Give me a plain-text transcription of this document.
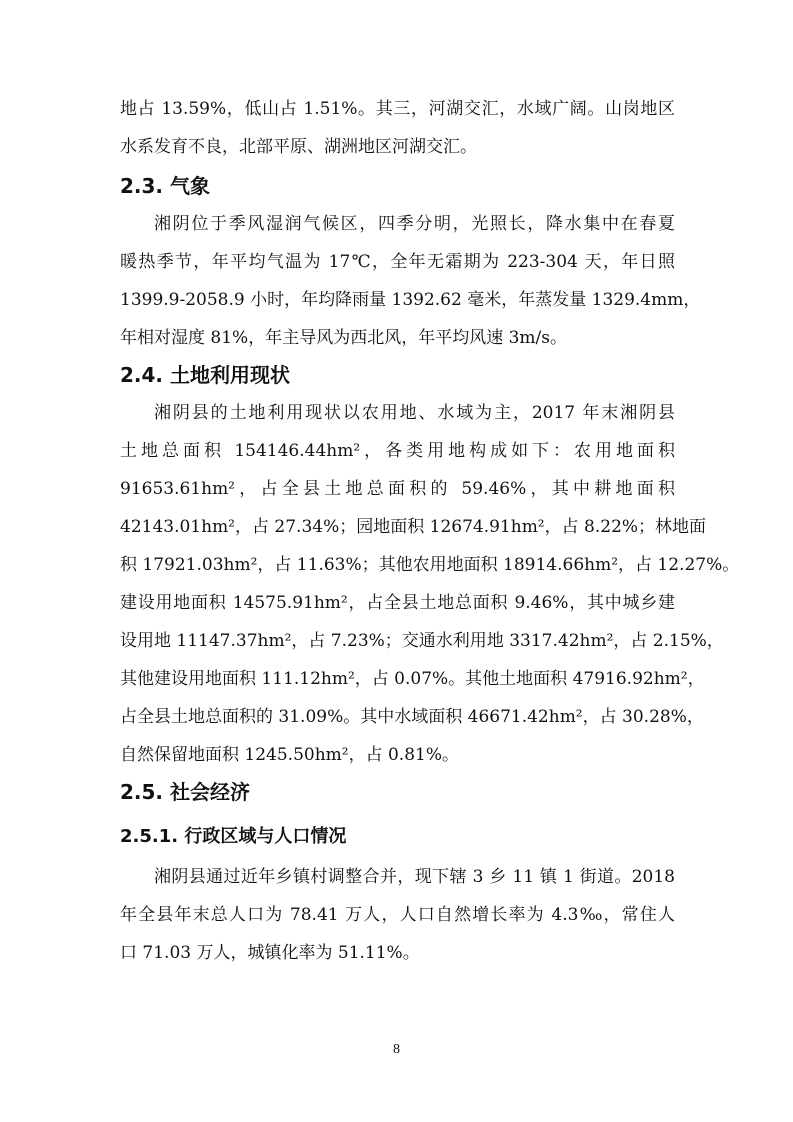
地占 13.59%，低山占 1.51%。其三，河湖交汇，水域广阔。山岗地区
水系发育不良，北部平原、湖洲地区河湖交汇。
2.3. 气象
湘阴位于季风湿润气候区，四季分明，光照长，降水集中在春夏
暖热季节，年平均气温为 17℃，全年无霜期为 223-304 天，年日照
1399.9-2058.9 小时，年均降雨量 1392.62 毫米，年蒸发量 1329.4mm，
年相对湿度 81%，年主导风为西北风，年平均风速 3m/s。
2.4. 土地利用现状
湘阴县的土地利用现状以农用地、水域为主，2017 年末湘阴县
土地总面积 154146.44hm²，各类用地构成如下：农用地面积
91653.61hm²，占全县土地总面积的 59.46%，其中耕地面积
42143.01hm²，占 27.34%；园地面积 12674.91hm²，占 8.22%；林地面
积 17921.03hm²，占 11.63%；其他农用地面积 18914.66hm²，占 12.27%。
建设用地面积 14575.91hm²，占全县土地总面积 9.46%，其中城乡建
设用地 11147.37hm²，占 7.23%；交通水利用地 3317.42hm²，占 2.15%，
其他建设用地面积 111.12hm²，占 0.07%。其他土地面积 47916.92hm²，
占全县土地总面积的 31.09%。其中水域面积 46671.42hm²，占 30.28%，
自然保留地面积 1245.50hm²，占 0.81%。
2.5. 社会经济
2.5.1. 行政区域与人口情况
湘阴县通过近年乡镇村调整合并，现下辖 3 乡 11 镇 1 街道。2018
年全县年末总人口为 78.41 万人，人口自然增长率为 4.3‰，常住人
口 71.03 万人，城镇化率为 51.11%。
8
